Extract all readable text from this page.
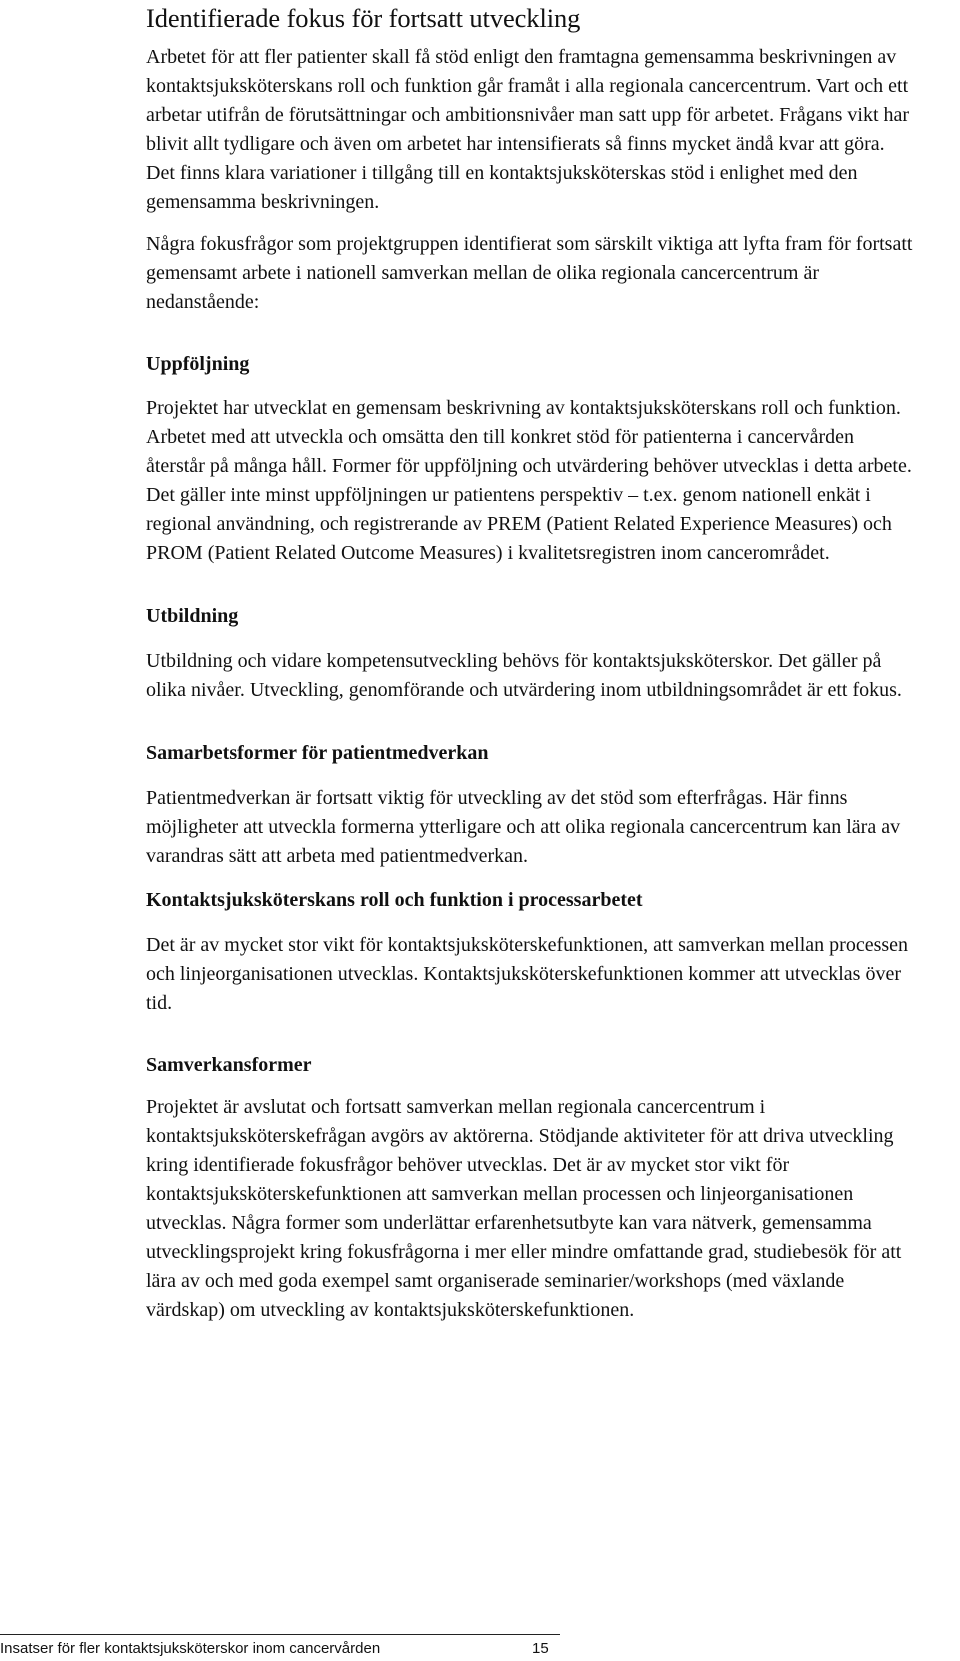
Identifierade fokus för fortsatt utveckling

Arbetet för att fler patienter skall få stöd enligt den framtagna gemensamma beskrivningen av kontaktsjuksköterskans roll och funktion går framåt i alla regionala cancercentrum. Vart och ett arbetar utifrån de förutsättningar och ambitionsnivåer man satt upp för arbetet. Frågans vikt har blivit allt tydligare och även om arbetet har intensifierats så finns mycket ändå kvar att göra. Det finns klara variationer i tillgång till en kontaktsjuksköterskas stöd i enlighet med den gemensamma beskrivningen.

Några fokusfrågor som projektgruppen identifierat som särskilt viktiga att lyfta fram för fortsatt gemensamt arbete i nationell samverkan mellan de olika regionala cancercentrum är nedanstående:

Uppföljning

Projektet har utvecklat en gemensam beskrivning av kontaktsjuksköterskans roll och funktion. Arbetet med att utveckla och omsätta den till konkret stöd för patienterna i cancervården återstår på många håll. Former för uppföljning och utvärdering behöver utvecklas i detta arbete. Det gäller inte minst uppföljningen ur patientens perspektiv – t.ex. genom nationell enkät i regional användning, och registrerande av PREM (Patient Related Experience Measures) och PROM (Patient Related Outcome Measures) i kvalitetsregistren inom cancerområdet.

Utbildning

Utbildning och vidare kompetensutveckling behövs för kontaktsjuksköterskor. Det gäller på olika nivåer. Utveckling, genomförande och utvärdering inom utbildningsområdet är ett fokus.

Samarbetsformer för patientmedverkan

Patientmedverkan är fortsatt viktig för utveckling av det stöd som efterfrågas. Här finns möjligheter att utveckla formerna ytterligare och att olika regionala cancercentrum kan lära av varandras sätt att arbeta med patientmedverkan.

Kontaktsjuksköterskans roll och funktion i processarbetet

Det är av mycket stor vikt för kontaktsjuksköterskefunktionen, att samverkan mellan processen och linjeorganisationen utvecklas. Kontaktsjuksköterskefunktionen kommer att utvecklas över tid.

Samverkansformer

Projektet är avslutat och fortsatt samverkan mellan regionala cancercentrum i kontaktsjuksköterskefrågan avgörs av aktörerna. Stödjande aktiviteter för att driva utveckling kring identifierade fokusfrågor behöver utvecklas. Det är av mycket stor vikt för kontaktsjuksköterskefunktionen att samverkan mellan processen och linjeorganisationen utvecklas. Några former som underlättar erfarenhetsutbyte kan vara nätverk, gemensamma utvecklingsprojekt kring fokusfrågorna i mer eller mindre omfattande grad, studiebesök för att lära av och med goda exempel samt organiserade seminarier/workshops (med växlande värdskap) om utveckling av kontaktsjuksköterskefunktionen.

Insatser för fler kontaktsjuksköterskor inom cancervården	15
